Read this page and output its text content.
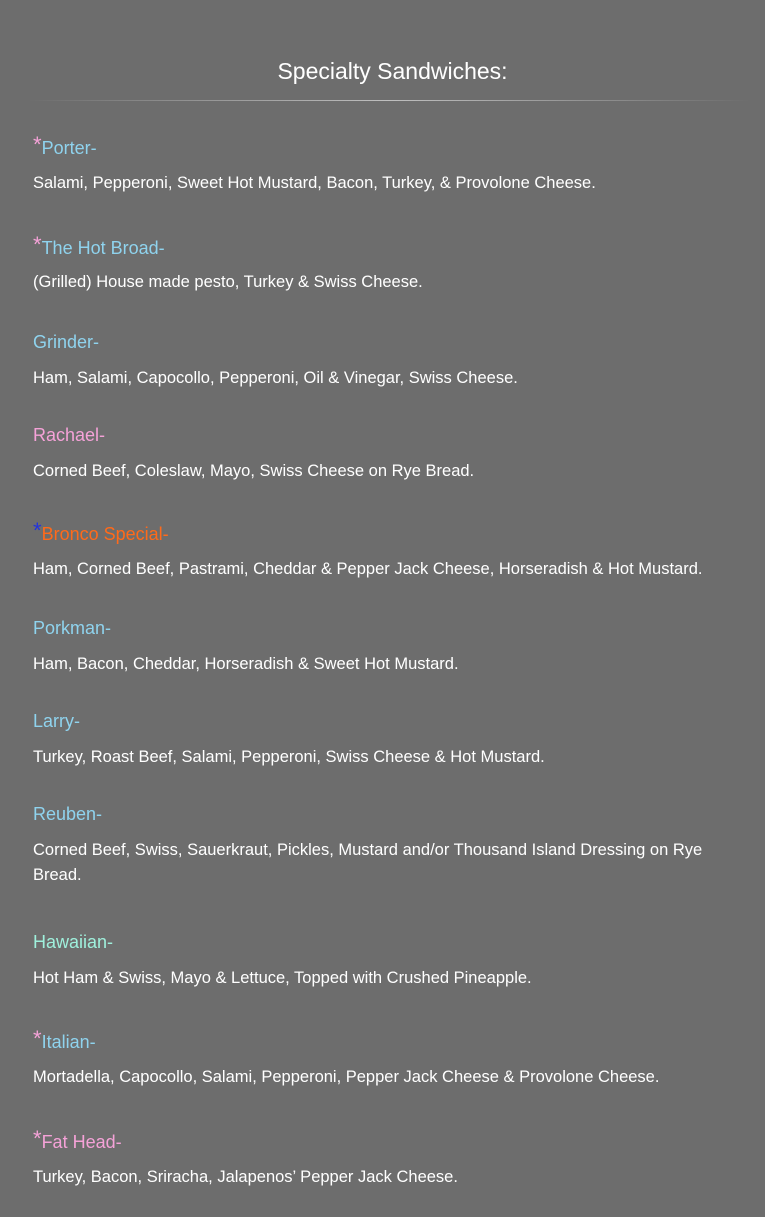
Specialty Sandwiches:
*Porter-
Salami, Pepperoni, Sweet Hot Mustard, Bacon, Turkey, & Provolone Cheese.
*The Hot Broad-
(Grilled) House made pesto, Turkey & Swiss Cheese.
Grinder-
Ham, Salami, Capocollo, Pepperoni, Oil & Vinegar, Swiss Cheese.
Rachael-
Corned Beef, Coleslaw, Mayo, Swiss Cheese on Rye Bread.
*Bronco Special-
Ham, Corned Beef, Pastrami, Cheddar & Pepper Jack Cheese, Horseradish & Hot Mustard.
Porkman-
Ham, Bacon, Cheddar, Horseradish & Sweet Hot Mustard.
Larry-
Turkey, Roast Beef, Salami, Pepperoni, Swiss Cheese & Hot Mustard.
Reuben-
Corned Beef, Swiss, Sauerkraut, Pickles, Mustard and/or Thousand Island Dressing on Rye Bread.
Hawaiian-
Hot Ham & Swiss, Mayo & Lettuce, Topped with Crushed Pineapple.
*Italian-
Mortadella, Capocollo, Salami, Pepperoni, Pepper Jack Cheese & Provolone Cheese.
*Fat Head-
Turkey, Bacon, Sriracha, Jalapenos’ Pepper Jack Cheese.
